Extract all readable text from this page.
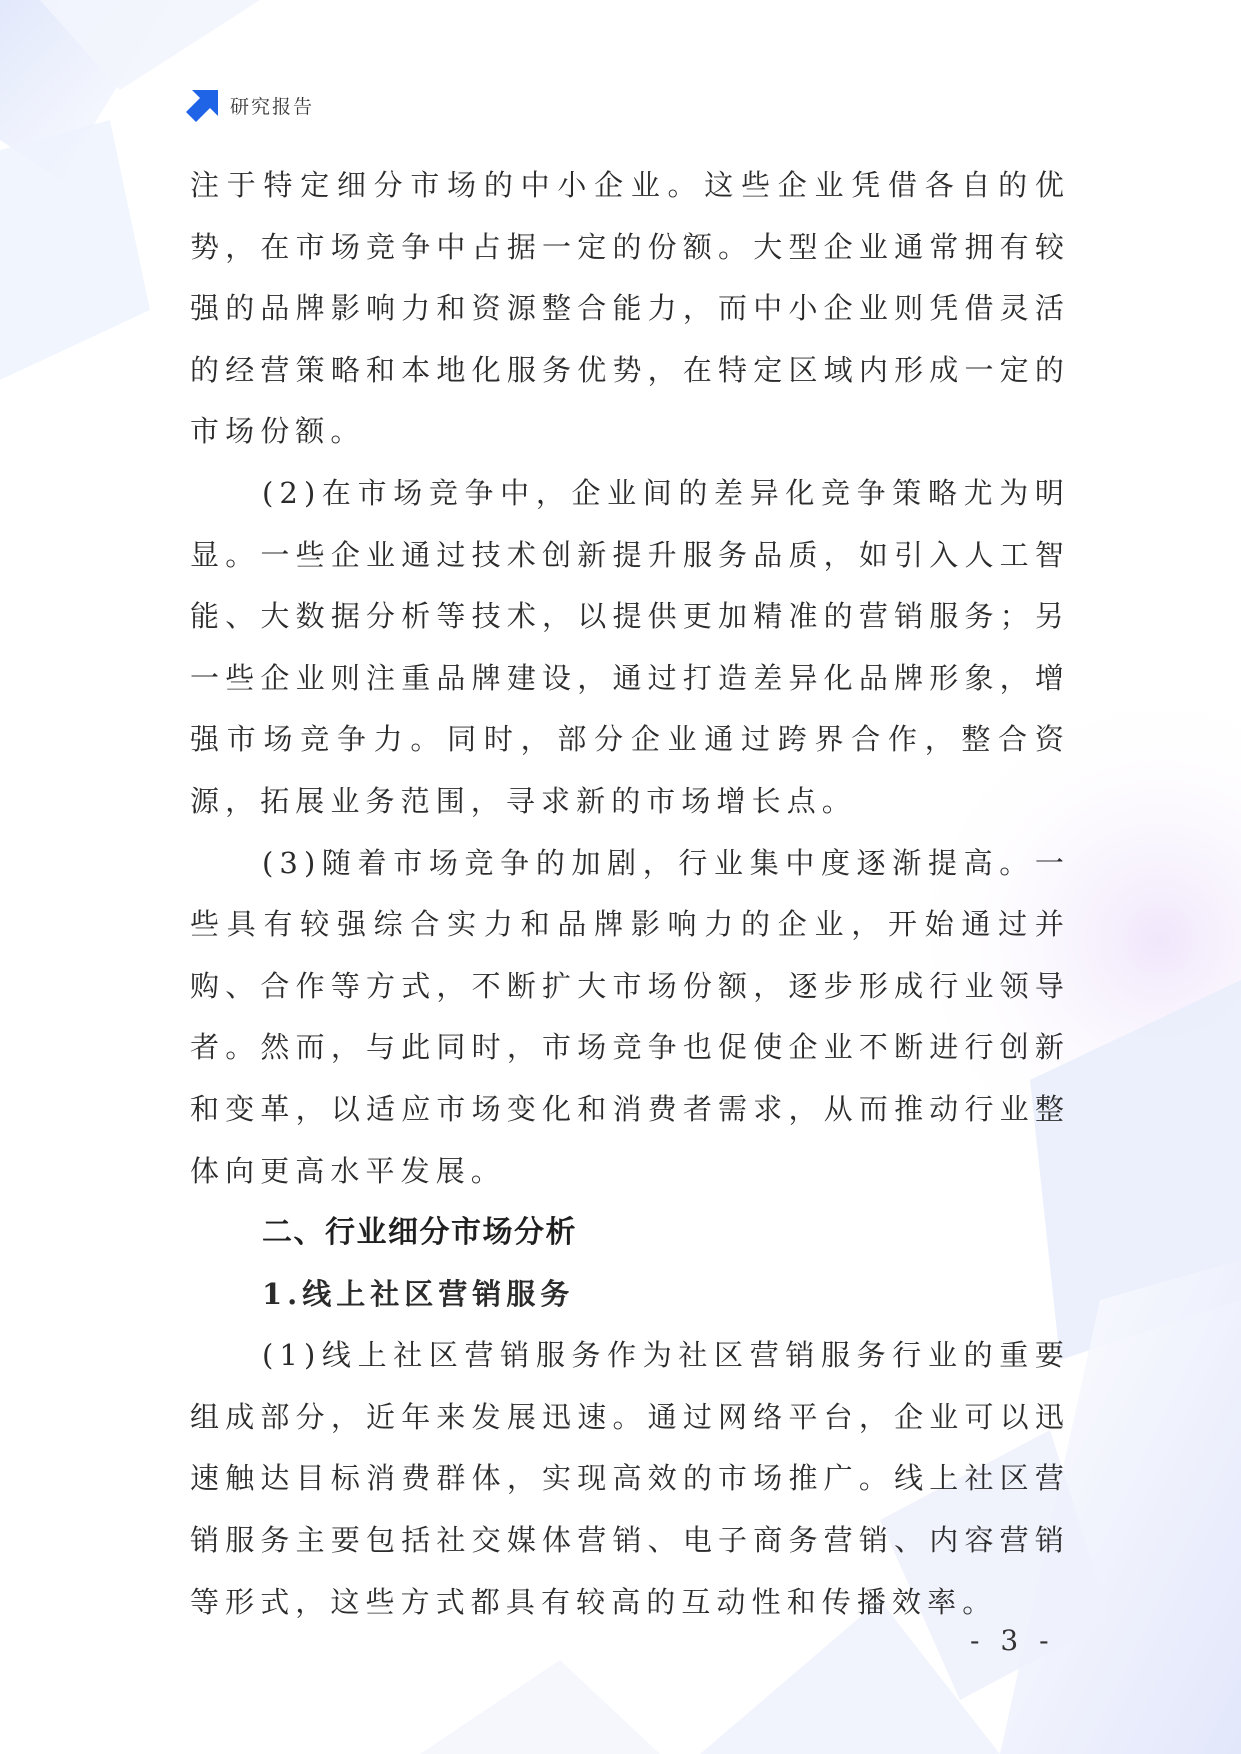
研究报告

注于特定细分市场的中小企业。这些企业凭借各自的优势，在市场竞争中占据一定的份额。大型企业通常拥有较强的品牌影响力和资源整合能力，而中小企业则凭借灵活的经营策略和本地化服务优势，在特定区域内形成一定的市场份额。

(2)在市场竞争中，企业间的差异化竞争策略尤为明显。一些企业通过技术创新提升服务品质，如引入人工智能、大数据分析等技术，以提供更加精准的营销服务；另一些企业则注重品牌建设，通过打造差异化品牌形象，增强市场竞争力。同时，部分企业通过跨界合作，整合资源，拓展业务范围，寻求新的市场增长点。

(3)随着市场竞争的加剧，行业集中度逐渐提高。一些具有较强综合实力和品牌影响力的企业，开始通过并购、合作等方式，不断扩大市场份额，逐步形成行业领导者。然而，与此同时，市场竞争也促使企业不断进行创新和变革，以适应市场变化和消费者需求，从而推动行业整体向更高水平发展。

二、行业细分市场分析
1.线上社区营销服务

(1)线上社区营销服务作为社区营销服务行业的重要组成部分，近年来发展迅速。通过网络平台，企业可以迅速触达目标消费群体，实现高效的市场推广。线上社区营销服务主要包括社交媒体营销、电子商务营销、内容营销等形式，这些方式都具有较高的互动性和传播效率。

- 3 -
